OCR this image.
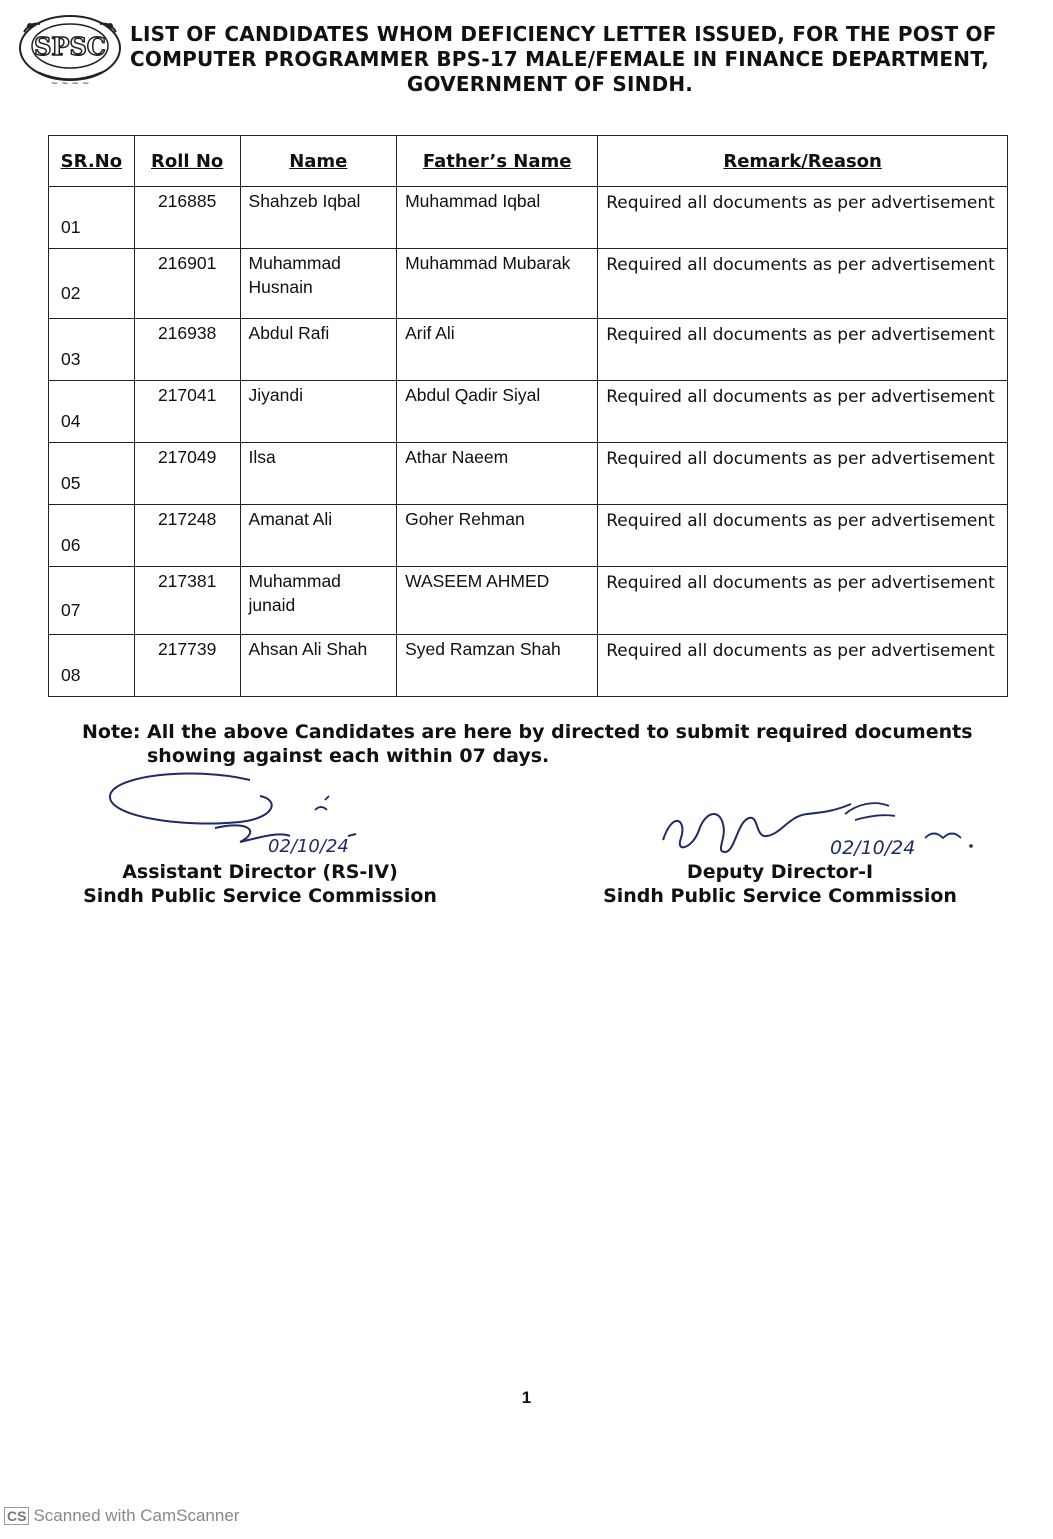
SPSC
~ ~ ~ ~
LIST OF CANDIDATES WHOM DEFICIENCY LETTER ISSUED, FOR THE POST OF
COMPUTER PROGRAMMER BPS-17 MALE/FEMALE IN FINANCE DEPARTMENT,
GOVERNMENT OF SINDH.
SR.No	Roll No	Name	Father’s Name	Remark/Reason
01	216885	Shahzeb Iqbal	Muhammad Iqbal	Required all documents as per advertisement
02	216901	Muhammad Husnain	Muhammad Mubarak	Required all documents as per advertisement
03	216938	Abdul Rafi	Arif Ali	Required all documents as per advertisement
04	217041	Jiyandi	Abdul Qadir Siyal	Required all documents as per advertisement
05	217049	Ilsa	Athar Naeem	Required all documents as per advertisement
06	217248	Amanat Ali	Goher Rehman	Required all documents as per advertisement
07	217381	Muhammad junaid	WASEEM AHMED	Required all documents as per advertisement
08	217739	Ahsan Ali Shah	Syed Ramzan Shah	Required all documents as per advertisement
Note: All the above Candidates are here by directed to submit required documents showing against each within 07 days.
02/10/24	02/10/24
Assistant Director (RS-IV)
Sindh Public Service Commission
Deputy Director-I
Sindh Public Service Commission
1
CS Scanned with CamScanner
